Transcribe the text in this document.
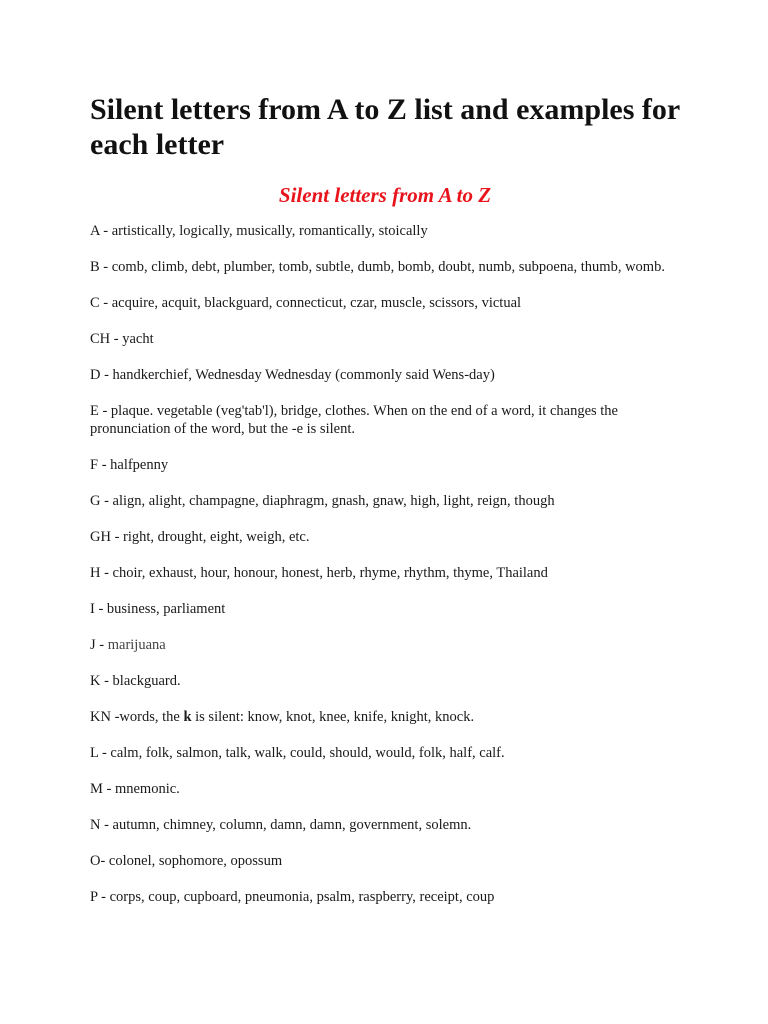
Silent letters from A to Z list and examples for each letter
Silent letters from A to Z

A - artistically, logically, musically, romantically, stoically

B - comb, climb, debt, plumber, tomb, subtle, dumb, bomb, doubt, numb, subpoena, thumb, womb.

C - acquire, acquit, blackguard, connecticut, czar, muscle, scissors, victual

CH - yacht

D - handkerchief, Wednesday Wednesday (commonly said Wens-day)

E - plaque. vegetable (veg'tab'l), bridge, clothes. When on the end of a word, it changes the pronunciation of the word, but the -e is silent.

F - halfpenny

G - align, alight, champagne, diaphragm, gnash, gnaw, high, light, reign, though

GH - right, drought, eight, weigh, etc.

H - choir, exhaust, hour, honour, honest, herb, rhyme, rhythm, thyme, Thailand

I - business, parliament

J - marijuana

K - blackguard.

KN -words, the k is silent: know, knot, knee, knife, knight, knock.

L - calm, folk, salmon, talk, walk, could, should, would, folk, half, calf.

M - mnemonic.

N - autumn, chimney, column, damn, damn, government, solemn.

O- colonel, sophomore, opossum

P - corps, coup, cupboard, pneumonia, psalm, raspberry, receipt, coup
